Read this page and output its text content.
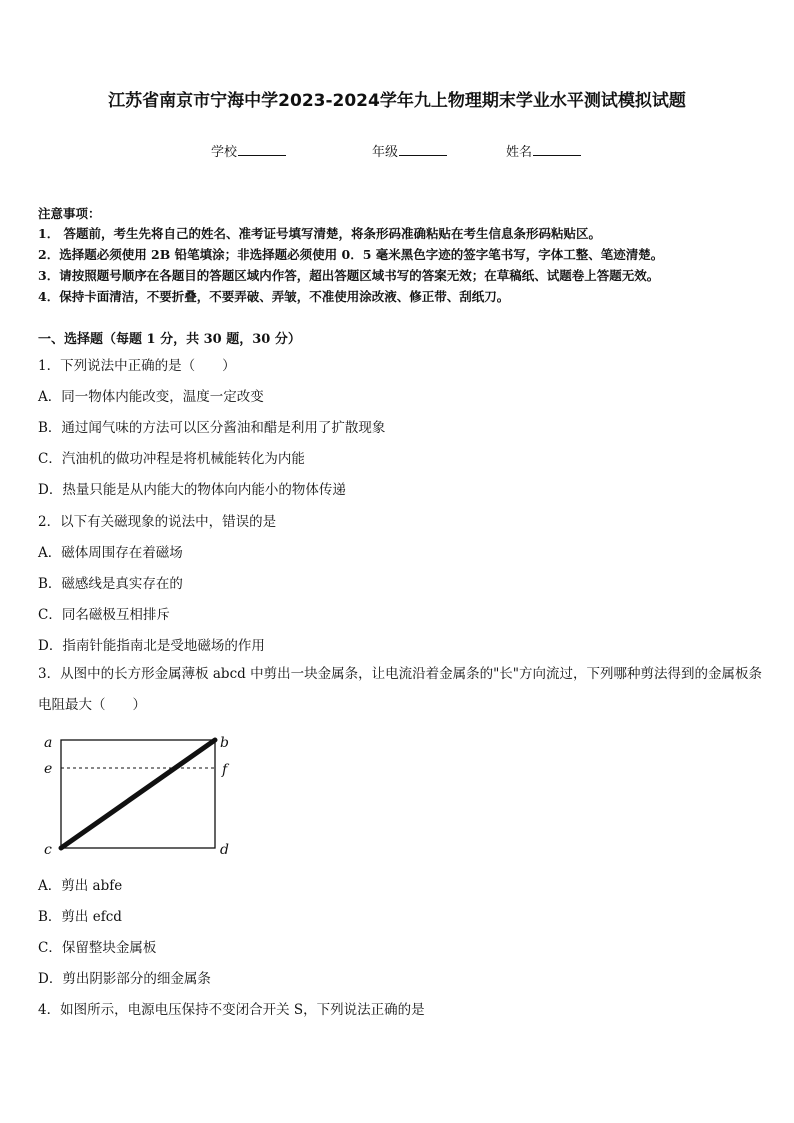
江苏省南京市宁海中学2023-2024学年九上物理期末学业水平测试模拟试题
学校	年级	姓名
注意事项：
1． 答题前，考生先将自己的姓名、准考证号填写清楚，将条形码准确粘贴在考生信息条形码粘贴区。
2．选择题必须使用 2B 铅笔填涂；非选择题必须使用 0．5 毫米黑色字迹的签字笔书写，字体工整、笔迹清楚。
3．请按照题号顺序在各题目的答题区域内作答，超出答题区域书写的答案无效；在草稿纸、试题卷上答题无效。
4．保持卡面清洁，不要折叠，不要弄破、弄皱，不准使用涂改液、修正带、刮纸刀。
一、选择题（每题 1 分，共 30 题，30 分）
1．下列说法中正确的是（　　）
A．同一物体内能改变，温度一定改变
B．通过闻气味的方法可以区分酱油和醋是利用了扩散现象
C．汽油机的做功冲程是将机械能转化为内能
D．热量只能是从内能大的物体向内能小的物体传递
2．以下有关磁现象的说法中，错误的是
A．磁体周围存在着磁场
B．磁感线是真实存在的
C．同名磁极互相排斥
D．指南针能指南北是受地磁场的作用
3．从图中的长方形金属薄板 abcd 中剪出一块金属条，让电流沿着金属条的"长"方向流过，下列哪种剪法得到的金属板条电阻最大（　　）
a	b
e	f
c	d
A．剪出 abfe
B．剪出 efcd
C．保留整块金属板
D．剪出阴影部分的细金属条
4．如图所示，电源电压保持不变闭合开关 S，下列说法正确的是
